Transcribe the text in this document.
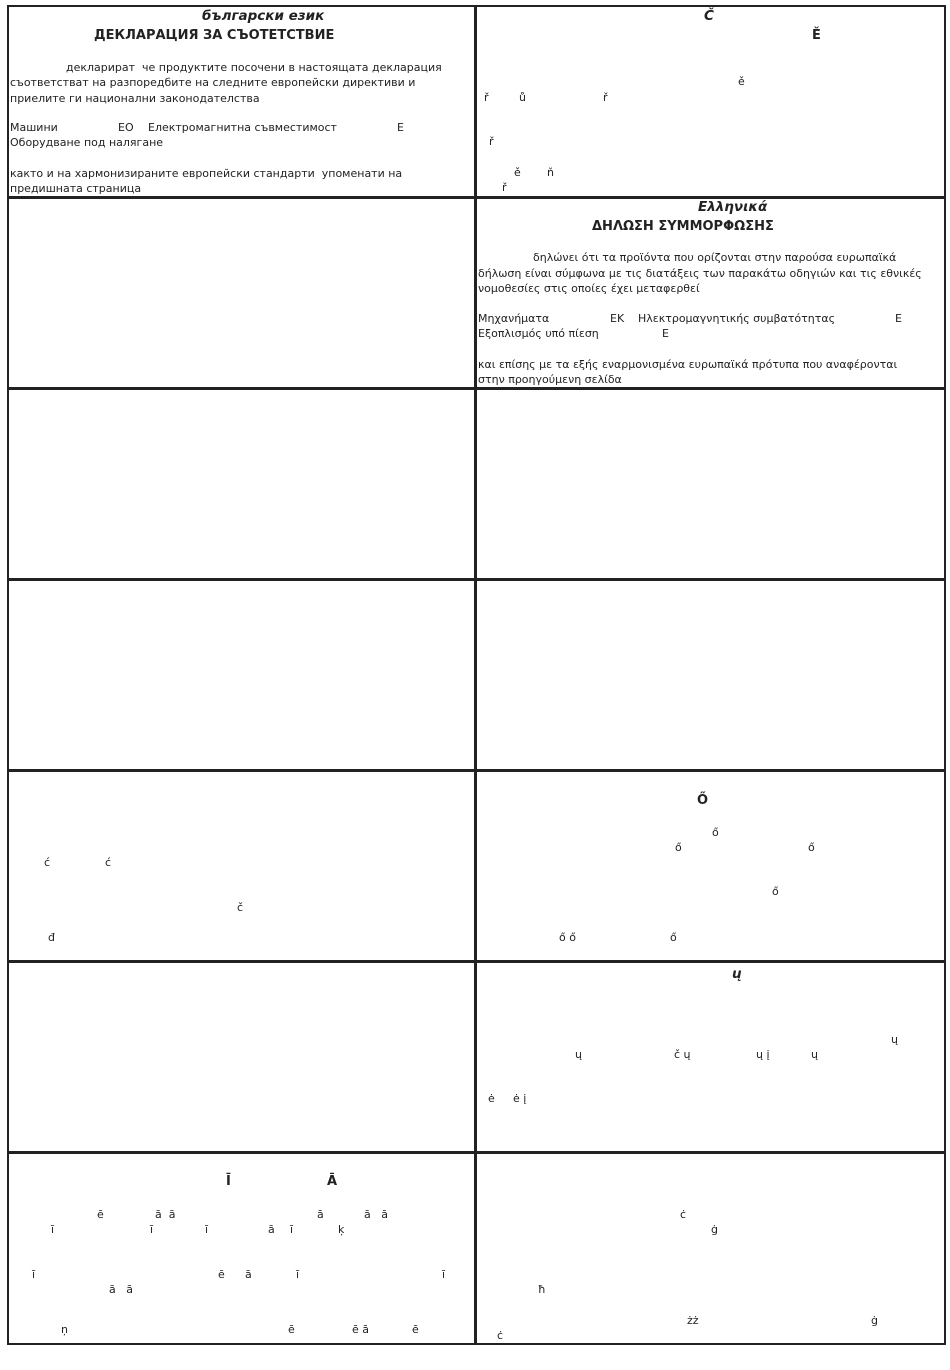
български език
ДЕКЛАРАЦИЯ ЗА СЪОТЕТСТВИЕ
декларират  че продуктите посочени в настоящата декларация
съответстват на разпоредбите на следните европейски директиви и
приелите ги национални законодателства
Машини	ЕО Електромагнитна съвместимост	Е
Оборудване под налягане
както и на хармонизираните европейски стандарти  упоменати на
предишната страница
Č
Ě
ě
ř	ů	ř
ř
ě ň
ř
Ελληνικά
ΔΗΛΩΣΗ ΣΥΜΜΟΡΦΩΣΗΣ
δηλώνει ότι τα προϊόντα που ορίζονται στην παρούσα ευρωπαϊκά
δήλωση είναι σύμφωνα με τις διατάξεις των παρακάτω οδηγιών και τις εθνικές
νομοθεσίες στις οποίες έχει μεταφερθεί
Μηχανήματα	ΕΚ Ηλεκτρομαγνητικής συμβατότητας	Ε
Εξοπλισμός υπό πίεση	Ε
και επίσης με τα εξής εναρμονισμένα ευρωπαϊκά πρότυπα που αναφέρονται
στην προηγούμενη σελίδα
ć	ć
č
đ
Ő
ő
ő	ő
ő
ő ő	ő
ų
ų
ų	č ų	ų į	ų
ė ė į
Ī	Ā
ē	ā  ā	ā	ā   ā
ī	ī	ī	ā ī	ķ
ī	ē ā	ī	ī
ā   ā
ņ	ē	ē ā	ē
ċ
ġ
ħ
żż	ġ
ċ
